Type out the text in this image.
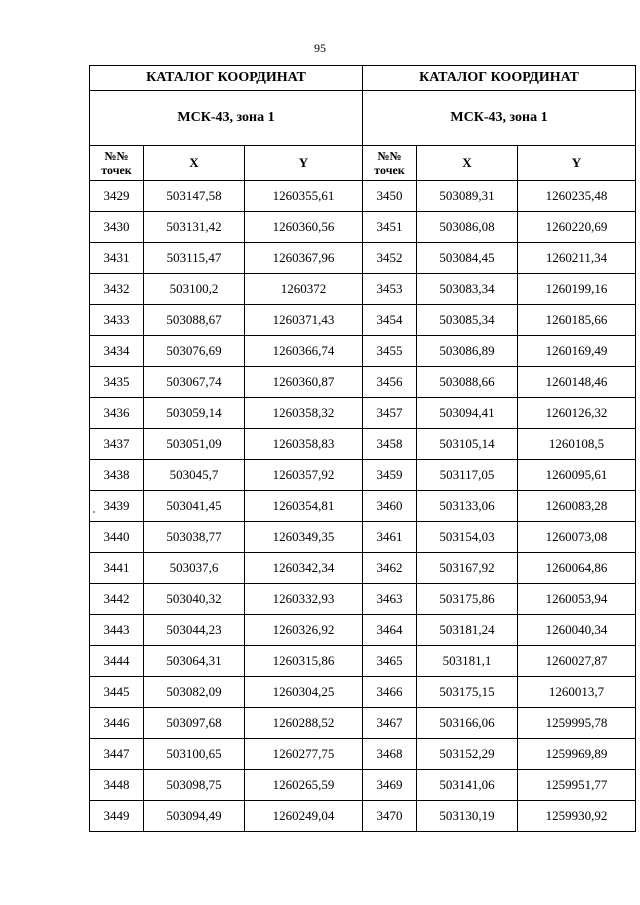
95
КАТАЛОГ КООРДИНАТ		
МСК-43, зона 1		

№№
точек	X	Y
3429	503147,58	1260355,61
3430	503131,42	1260360,56
3431	503115,47	1260367,96
3432	503100,2	1260372
3433	503088,67	1260371,43
3434	503076,69	1260366,74
3435	503067,74	1260360,87
3436	503059,14	1260358,32
3437	503051,09	1260358,83
3438	503045,7	1260357,92
3439	503041,45	1260354,81
3440	503038,77	1260349,35
3441	503037,6	1260342,34
3442	503040,32	1260332,93
3443	503044,23	1260326,92
3444	503064,31	1260315,86
3445	503082,09	1260304,25
3446	503097,68	1260288,52
3447	503100,65	1260277,75
3448	503098,75	1260265,59
3449	503094,49	1260249,04
КАТАЛОГ КООРДИНАТ		
МСК-43, зона 1		

№№
точек	X	Y
3450	503089,31	1260235,48
3451	503086,08	1260220,69
3452	503084,45	1260211,34
3453	503083,34	1260199,16
3454	503085,34	1260185,66
3455	503086,89	1260169,49
3456	503088,66	1260148,46
3457	503094,41	1260126,32
3458	503105,14	1260108,5
3459	503117,05	1260095,61
3460	503133,06	1260083,28
3461	503154,03	1260073,08
3462	503167,92	1260064,86
3463	503175,86	1260053,94
3464	503181,24	1260040,34
3465	503181,1	1260027,87
3466	503175,15	1260013,7
3467	503166,06	1259995,78
3468	503152,29	1259969,89
3469	503141,06	1259951,77
3470	503130,19	1259930,92
